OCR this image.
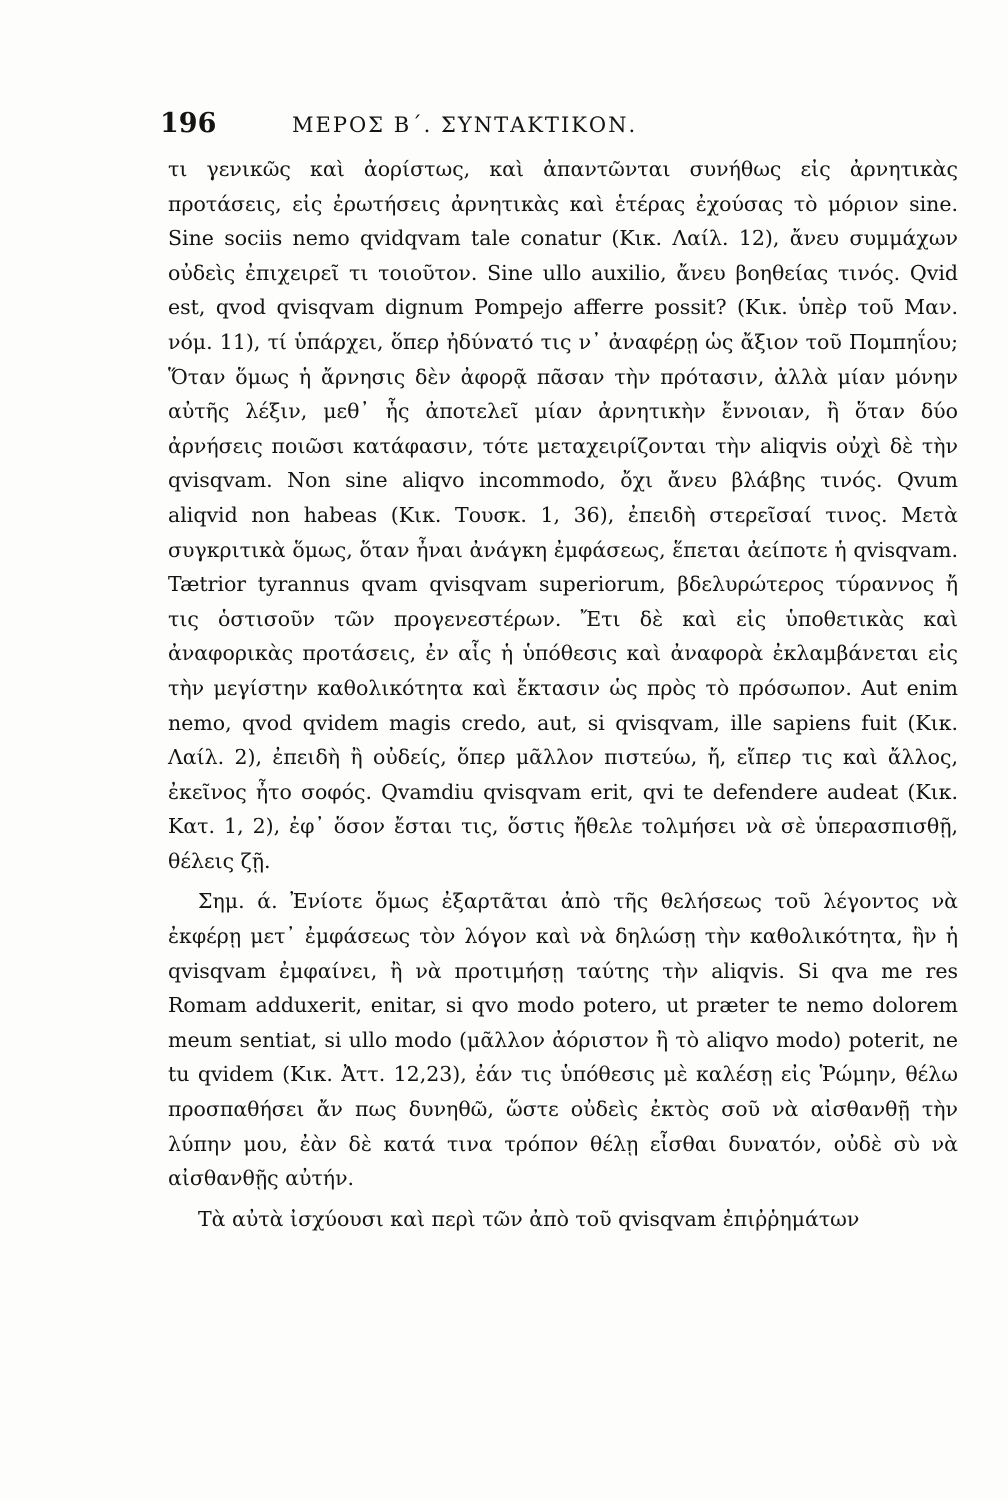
196	ΜΕΡΟΣ Β΄. ΣΥΝΤΑΚΤΙΚΟΝ.

τι γενικῶς καὶ ἀορίστως, καὶ ἀπαντῶνται συνήθως εἰς ἀρνητικὰς προτάσεις, εἰς ἐρωτήσεις ἀρνητικὰς καὶ ἑτέρας ἐχούσας τὸ μόριον sine. Sine sociis nemo qvidqvam tale conatur (Κικ. Λαίλ. 12), ἄνευ συμμάχων οὐδεὶς ἐπιχειρεῖ τι τοιοῦτον. Sine ullo auxilio, ἄνευ βοηθείας τινός. Qvid est, qvod qvisqvam dignum Pompejo afferre possit? (Κικ. ὑπὲρ τοῦ Μαν. νόμ. 11), τί ὑπάρχει, ὅπερ ἠδύνατό τις ν᾽ ἀναφέρῃ ὡς ἄξιον τοῦ Πομπηΐου; Ὅταν ὅμως ἡ ἄρνησις δὲν ἀφορᾷ πᾶσαν τὴν πρότασιν, ἀλλὰ μίαν μόνην αὐτῆς λέξιν, μεθ᾽ ἧς ἀποτελεῖ μίαν ἀρνητικὴν ἔννοιαν, ἢ ὅταν δύο ἀρνήσεις ποιῶσι κατάφασιν, τότε μεταχειρίζονται τὴν aliqvis οὐχὶ δὲ τὴν qvisqvam. Non sine aliqvo incommodo, ὄχι ἄνευ βλάβης τινός. Qvum aliqvid non habeas (Κικ. Τουσκ. 1, 36), ἐπειδὴ στερεῖσαί τινος. Μετὰ συγκριτικὰ ὅμως, ὅταν ἦναι ἀνάγκη ἐμφάσεως, ἕπεται ἀείποτε ἡ qvisqvam. Tætrior tyrannus qvam qvisqvam superiorum, βδελυρώτερος τύραννος ἤ τις ὁστισοῦν τῶν προγενεστέρων. Ἔτι δὲ καὶ εἰς ὑποθετικὰς καὶ ἀναφορικὰς προτάσεις, ἐν αἷς ἡ ὑπόθεσις καὶ ἀναφορὰ ἐκλαμβάνεται εἰς τὴν μεγίστην καθολικότητα καὶ ἔκτασιν ὡς πρὸς τὸ πρόσωπον. Aut enim nemo, qvod qvidem magis credo, aut, si qvisqvam, ille sapiens fuit (Κικ. Λαίλ. 2), ἐπειδὴ ἢ οὐδείς, ὅπερ μᾶλλον πιστεύω, ἤ, εἴπερ τις καὶ ἄλλος, ἐκεῖνος ἦτο σοφός. Qvamdiu qvisqvam erit, qvi te defendere audeat (Κικ. Κατ. 1, 2), ἐφ᾽ ὅσον ἔσται τις, ὅστις ἤθελε τολμήσει νὰ σὲ ὑπερασπισθῇ, θέλεις ζῇ.

Σημ. ά. Ἐνίοτε ὅμως ἐξαρτᾶται ἀπὸ τῆς θελήσεως τοῦ λέγοντος νὰ ἐκφέρῃ μετ᾽ ἐμφάσεως τὸν λόγον καὶ νὰ δηλώσῃ τὴν καθολικότητα, ἣν ἡ qvisqvam ἐμφαίνει, ἢ νὰ προτιμήσῃ ταύτης τὴν aliqvis. Si qva me res Romam adduxerit, enitar, si qvo modo potero, ut præter te nemo dolorem meum sentiat, si ullo modo (μᾶλλον ἀόριστον ἢ τὸ aliqvo modo) poterit, ne tu qvidem (Κικ. Ἀττ. 12,23), ἐάν τις ὑπόθεσις μὲ καλέσῃ εἰς Ῥώμην, θέλω προσπαθήσει ἄν πως δυνηθῶ, ὥστε οὐδεὶς ἐκτὸς σοῦ νὰ αἰσθανθῇ τὴν λύπην μου, ἐὰν δὲ κατά τινα τρόπον θέλῃ εἶσθαι δυνατόν, οὐδὲ σὺ νὰ αἰσθανθῇς αὐτήν.

Τὰ αὐτὰ ἰσχύουσι καὶ περὶ τῶν ἀπὸ τοῦ qvisqvam ἐπιῤῥημάτων
